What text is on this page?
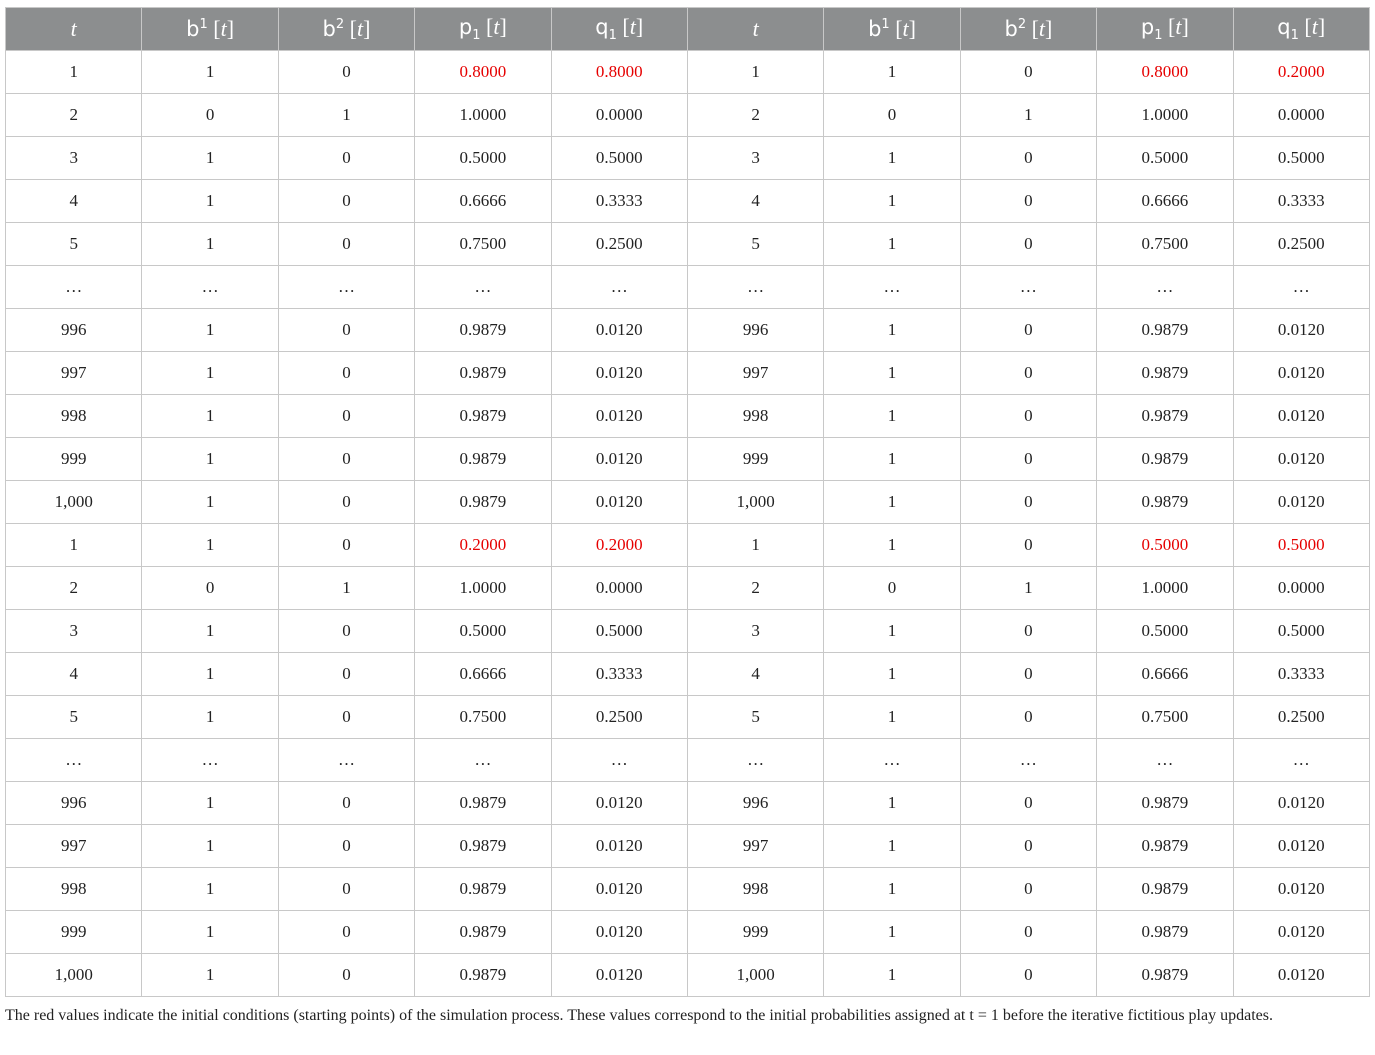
t	$b^1$ [t]	$b^2$ [t]	$p_1$ [t]	$q_1$ [t]	t	$b^1$ [t]	$b^2$ [t]	$p_1$ [t]	$q_1$ [t]
1	1	0	0.8000	0.8000	1	1	0	0.8000	0.2000
2	0	1	1.0000	0.0000	2	0	1	1.0000	0.0000
3	1	0	0.5000	0.5000	3	1	0	0.5000	0.5000
4	1	0	0.6666	0.3333	4	1	0	0.6666	0.3333
5	1	0	0.7500	0.2500	5	1	0	0.7500	0.2500
…	…	…	…	…	…	…	…	…	…
996	1	0	0.9879	0.0120	996	1	0	0.9879	0.0120
997	1	0	0.9879	0.0120	997	1	0	0.9879	0.0120
998	1	0	0.9879	0.0120	998	1	0	0.9879	0.0120
999	1	0	0.9879	0.0120	999	1	0	0.9879	0.0120
1,000	1	0	0.9879	0.0120	1,000	1	0	0.9879	0.0120
1	1	0	0.2000	0.2000	1	1	0	0.5000	0.5000
2	0	1	1.0000	0.0000	2	0	1	1.0000	0.0000
3	1	0	0.5000	0.5000	3	1	0	0.5000	0.5000
4	1	0	0.6666	0.3333	4	1	0	0.6666	0.3333
5	1	0	0.7500	0.2500	5	1	0	0.7500	0.2500
…	…	…	…	…	…	…	…	…	…
996	1	0	0.9879	0.0120	996	1	0	0.9879	0.0120
997	1	0	0.9879	0.0120	997	1	0	0.9879	0.0120
998	1	0	0.9879	0.0120	998	1	0	0.9879	0.0120
999	1	0	0.9879	0.0120	999	1	0	0.9879	0.0120
1,000	1	0	0.9879	0.0120	1,000	1	0	0.9879	0.0120
The red values indicate the initial conditions (starting points) of the simulation process. These values correspond to the initial probabilities assigned at t = 1 before the iterative fictitious play updates.
